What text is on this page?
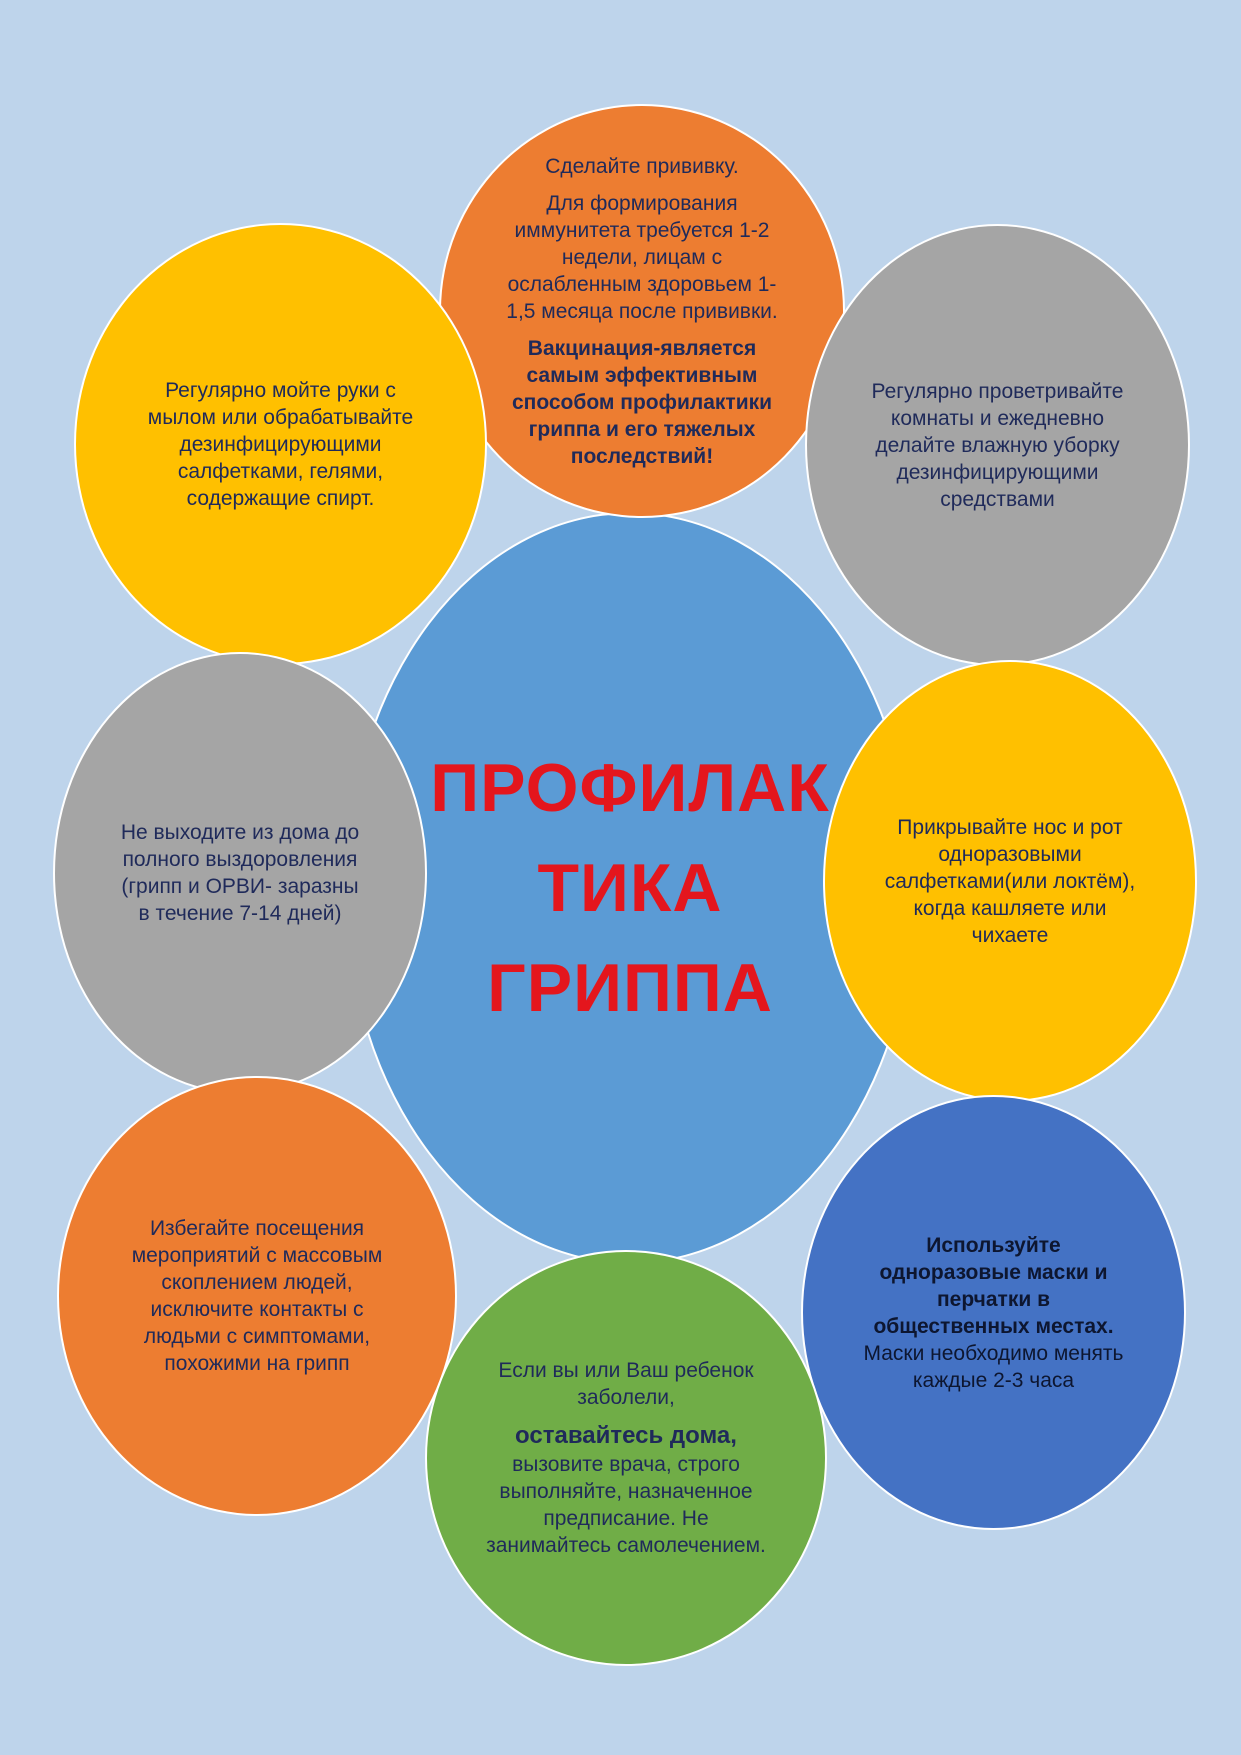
ПРОФИЛАК
ТИКА
ГРИППА

Сделайте прививку.

Для формирования иммунитета требуется 1-2 недели, лицам с ослабленным здоровьем 1-1,5 месяца после прививки.

Вакцинация-является самым эффективным способом профилактики гриппа и его тяжелых последствий!

Регулярно мойте руки с мылом или обрабатывайте дезинфицирующими салфетками, гелями, содержащие спирт.

Регулярно проветривайте комнаты и ежедневно делайте влажную уборку дезинфицирующими средствами

Не выходите из дома до полного выздоровления (грипп и ОРВИ- заразны в течение 7-14 дней)

Прикрывайте нос и рот одноразовыми салфетками(или локтём), когда кашляете или чихаете

Избегайте посещения мероприятий с массовым скоплением людей, исключите контакты с людьми с симптомами, похожими на грипп

Используйте одноразовые маски и перчатки в общественных местах.

Маски необходимо менять каждые 2-3 часа

Если вы или Ваш ребенок заболели,

оставайтесь дома,

вызовите врача, строго выполняйте, назначенное предписание. Не занимайтесь самолечением.
